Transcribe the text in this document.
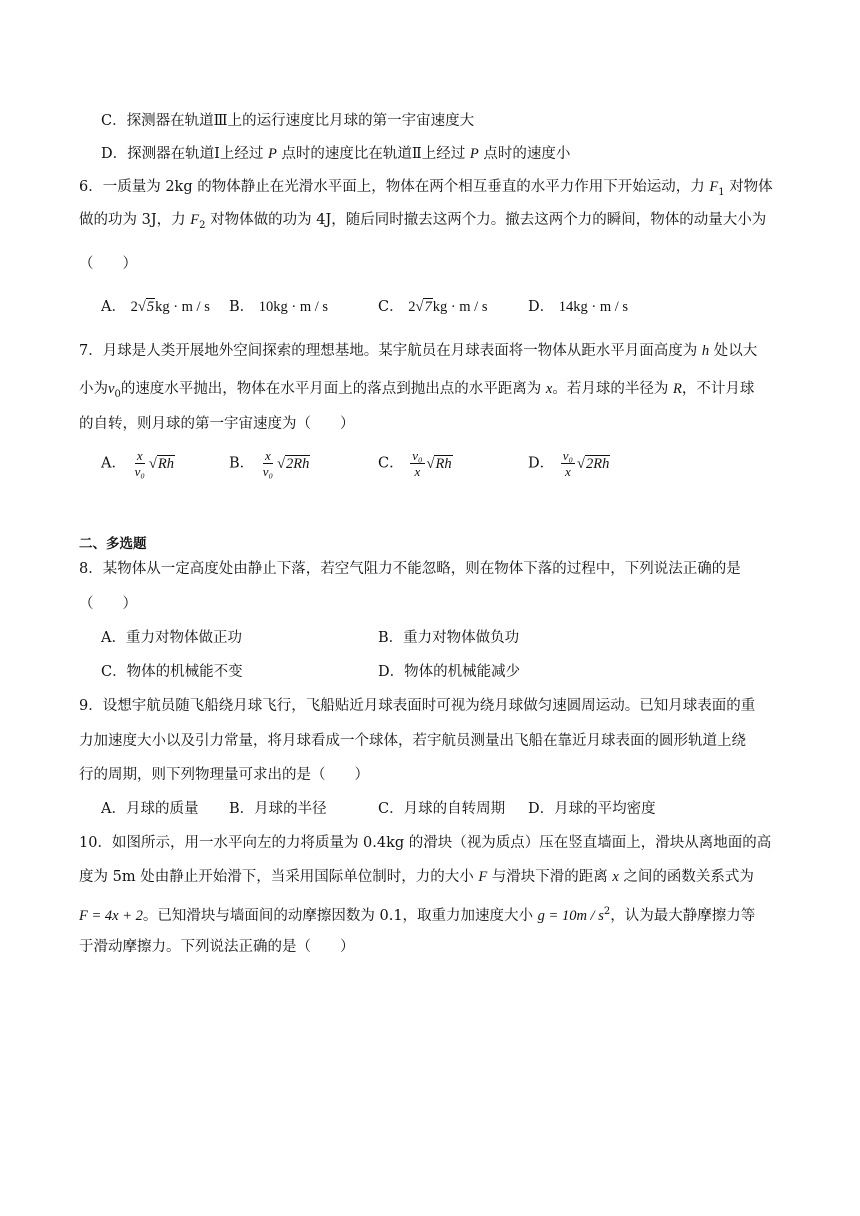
C．探测器在轨道Ⅲ上的运行速度比月球的第一宇宙速度大
D．探测器在轨道Ⅰ上经过 P 点时的速度比在轨道Ⅱ上经过 P 点时的速度小
6．一质量为 2kg 的物体静止在光滑水平面上，物体在两个相互垂直的水平力作用下开始运动，力 $F_1$ 对物体
做的功为 3J，力 $F_2$ 对物体做的功为 4J，随后同时撤去这两个力。撤去这两个力的瞬间，物体的动量大小为
（　　）
A． 2√5kg · m / s B． 10kg · m / s	C． 2√7kg · m / s	D． 14kg · m / s
7．月球是人类开展地外空间探索的理想基地。某宇航员在月球表面将一物体从距水平月面高度为 h 处以大
小为$v_0$的速度水平抛出，物体在水平月面上的落点到抛出点的水平距离为 x。若月球的半径为 R，不计月球
的自转，则月球的第一宇宙速度为（　　）
A． $\frac{x}{\text{v₀}} √Rh$	B． $\frac{x}{\text{v₀}} √2Rh$	C． $\frac{\text{v₀}}{x} √Rh$	D． $\frac{\text{v₀}}{x} √2Rh$
二、多选题
8．某物体从一定高度处由静止下落，若空气阻力不能忽略，则在物体下落的过程中，下列说法正确的是
（　　）
A．重力对物体做正功	B．重力对物体做负功
C．物体的机械能不变	D．物体的机械能减少
9．设想宇航员随飞船绕月球飞行，飞船贴近月球表面时可视为绕月球做匀速圆周运动。已知月球表面的重
力加速度大小以及引力常量，将月球看成一个球体，若宇航员测量出飞船在靠近月球表面的圆形轨道上绕
行的周期，则下列物理量可求出的是（　　）
A．月球的质量 B．月球的半径	C．月球的自转周期 D．月球的平均密度
10．如图所示，用一水平向左的力将质量为 0.4kg 的滑块（视为质点）压在竖直墙面上，滑块从离地面的高
度为 5m 处由静止开始滑下，当采用国际单位制时，力的大小 F 与滑块下滑的距离 x 之间的函数关系式为
F = 4x + 2。已知滑块与墙面间的动摩擦因数为 0.1，取重力加速度大小 $g = 10m / s^2$，认为最大静摩擦力等
于滑动摩擦力。下列说法正确的是（　　）
